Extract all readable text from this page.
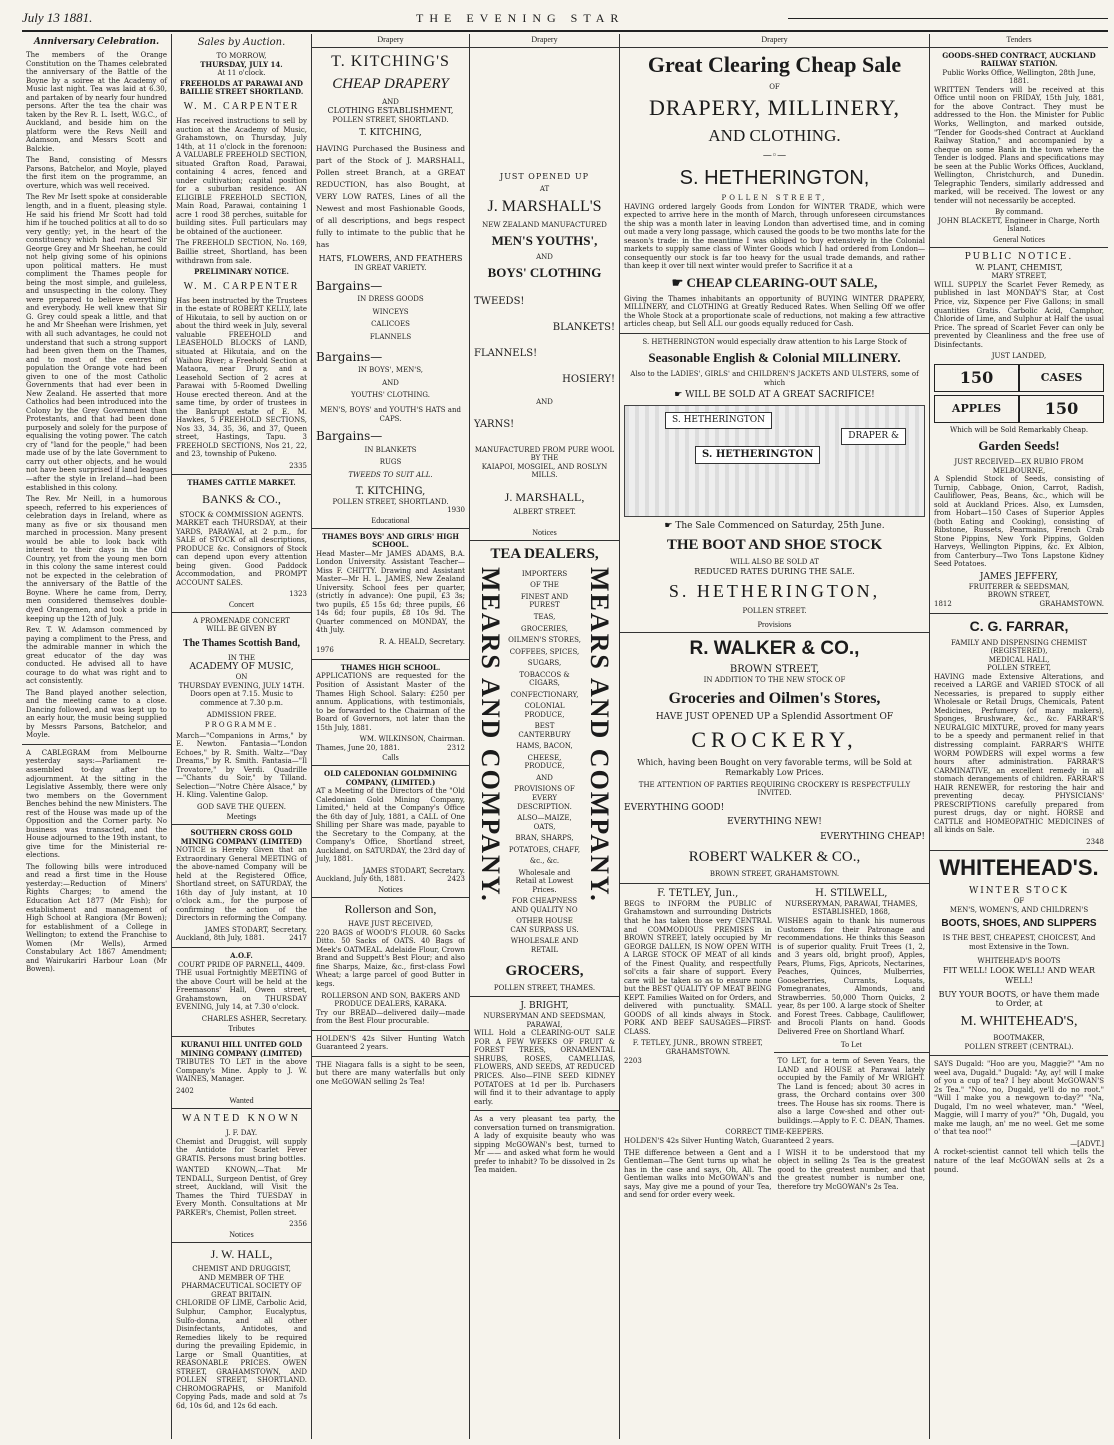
July 13 1881.	THE EVENING STAR
Anniversary Celebration.

The members of the Orange Constitution on the Thames celebrated the anniversary of the Battle of the Boyne by a soiree at the Academy of Music last night. Tea was laid at 6.30, and partaken of by nearly four hundred persons. After the tea the chair was taken by the Rev R. L. Isett, W.G.C., of Auckland, and beside him on the platform were the Revs Neill and Adamson, and Messrs Scott and Balckie.

The Band, consisting of Messrs Parsons, Batchelor, and Moyle, played the first item on the programme, an overture, which was well received.

The Rev Mr Isett spoke at considerable length, and in a fluent, pleasing style. He said his friend Mr Scott had told him if he touched politics at all to do so very gently; yet, in the heart of the constituency which had returned Sir George Grey and Mr Sheehan, he could not help giving some of his opinions upon political matters. He must compliment the Thames people for being the most simple, and guileless, and unsuspecting in the colony. They were prepared to believe everything and everybody. He well knew that Sir G. Grey could speak a little, and that he and Mr Sheehan were Irishmen, yet with all such advantages, he could not understand that such a strong support had been given them on the Thames, and to most of the centres of population the Orange vote had been given to one of the most Catholic Governments that had ever been in New Zealand. He asserted that more Catholics had been introduced into the Colony by the Grey Government than Protestants, and that had been done purposely and solely for the purpose of equalising the voting power. The catch cry of "land for the people," had been made use of by the late Government to carry out other objects, and he would not have been surprised if land leagues—after the style in Ireland—had been established in this colony.

The Rev. Mr Neill, in a humorous speech, referred to his experiences of celebration days in Ireland, where as many as five or six thousand men marched in procession. Many present would be able to look back with interest to their days in the Old Country, yet from the young men born in this colony the same interest could not be expected in the celebration of the anniversary of the Battle of the Boyne. Where he came from, Derry, men considered themselves double-dyed Orangemen, and took a pride in keeping up the 12th of July.

Rev. T. W. Adamson commenced by paying a compliment to the Press, and the admirable manner in which the great educator of the day was conducted. He advised all to have courage to do what was right and to act consistently.

The Band played another selection, and the meeting came to a close. Dancing followed, and was kept up to an early hour, the music being supplied by Messrs Parsons, Batchelor, and Moyle.

A CABLEGRAM from Melbourne yesterday says:—Parliament re-assembled to-day after the adjournment. At the sitting in the Legislative Assembly, there were only two members on the Government Benches behind the new Ministers. The rest of the House was made up of the Opposition and the Corner party. No business was transacted, and the House adjourned to the 19th instant, to give time for the Ministerial re-elections.

The following bills were introduced and read a first time in the House yesterday:—Reduction of Miners' Rights Charges; to amend the Education Act 1877 (Mr Fish); for establishment and management of High School at Rangiora (Mr Bowen); for establishment of a College in Wellington; to extend the Franchise to Women (Mr Wells), Armed Constabulary Act 1867 Amendment; and Wairukariri Harbour Loan (Mr Bowen).

Sales by Auction.
TO MORROW,
THURSDAY, JULY 14.
At 11 o'clock.
FREEHOLDS AT PARAWAI AND BAILLIE STREET SHORTLAND.
W. M. CARPENTER

Has received instructions to sell by auction at the Academy of Music, Grahamstown, on Thursday, July 14th, at 11 o'clock in the forenoon: A VALUABLE FREEHOLD SECTION, situated Grafton Road, Parawai, containing 4 acres, fenced and under cultivation; capital position for a suburban residence. AN ELIGIBLE FREEHOLD SECTION, Main Road, Parawai, containing 1 acre 1 rood 38 perches, suitable for building sites. Full particulars may be obtained of the auctioneer.

The FREEHOLD SECTION, No. 169, Baillie street, Shortland, has been withdrawn from sale.

PRELIMINARY NOTICE.
W. M. CARPENTER

Has been instructed by the Trustees in the estate of ROBERT KELLY, late of Hikutaia, to sell by auction on or about the third week in July, several valuable FREEHOLD and LEASEHOLD BLOCKS of LAND, situated at Hikutaia, and on the Waihou River; a Freehold Section at Mataora, near Drury, and a Leasehold Section of 2 acres at Parawai with 5-Roomed Dwelling House erected thereon. And at the same time, by order of trustees in the Bankrupt estate of E. M. Hawkes, 5 FREEHOLD SECTIONS, Nos 33, 34, 35, 36, and 37, Queen street, Hastings, Tapu. 3 FREEHOLD SECTIONS, Nos 21, 22, and 23, township of Pukeno.

2335
THAMES CATTLE MARKET.
BANKS & CO.,
STOCK & COMMISSION AGENTS.

MARKET each THURSDAY, at their YARDS, PARAWAI, at 2 p.m., for SALE of STOCK of all descriptions, PRODUCE &c. Consignors of Stock can depend upon every attention being given. Good Paddock Accommodation, and PROMPT ACCOUNT SALES.

1323
Concert
A PROMENADE CONCERT
WILL BE GIVEN BY
The Thames Scottish Band,
IN THE
ACADEMY OF MUSIC,
ON
THURSDAY EVENING, JULY 14TH.

Doors open at 7.15. Music to commence at 7.30 p.m.

ADMISSION FREE.
PROGRAMME.

March—"Companions in Arms," by E. Newton. Fantasia—"London Echoes," by R. Smith. Waltz—"Day Dreams," by R. Smith. Fantasia—"Il Trovatore," by Verdi. Quadrille—"Chants du Soir," by Tilland. Selection—"Notre Chère Alsace," by H. Kling. Valentine Galop.

GOD SAVE THE QUEEN.
Meetings
SOUTHERN CROSS GOLD MINING COMPANY (LIMITED)

NOTICE is Hereby Given that an Extraordinary General MEETING of the above-named Company will be held at the Registered Office, Shortland street, on SATURDAY, the 16th day of July instant, at 10 o'clock a.m., for the purpose of confirming the action of the Directors in reforming the Company.

JAMES STODART, Secretary.
Auckland, 8th July, 1881.	2417
A.O.F.
COURT PRIDE OF PARNELL, 4409.

THE usual Fortnightly MEETING of the above Court will be held at the Freemasons' Hall, Owen street, Grahamstown, on THURSDAY EVENING, July 14, at 7.30 o'clock.

CHARLES ASHER, Secretary.
Tributes
KURANUI HILL UNITED GOLD MINING COMPANY (LIMITED)

TRIBUTES TO LET in the above Company's Mine. Apply to J. W. WAINES, Manager.

2402
Wanted
WANTED KNOWN
J. F. DAY.

Chemist and Druggist, will supply the Antidote for Scarlet Fever GRATIS. Persons must bring bottles.

WANTED KNOWN,—That Mr TENDALL, Surgeon Dentist, of Grey street, Auckland, will Visit the Thames the Third TUESDAY in Every Month. Consultations at Mr PARKER's, Chemist, Pollen street.

2356
Notices
J. W. HALL,
CHEMIST AND DRUGGIST,
AND MEMBER OF THE PHARMACEUTICAL SOCIETY OF GREAT BRITAIN.

CHLORIDE OF LIME, Carbolic Acid, Sulphur, Camphor, Eucalyptus, Sulfo-donna, and all other Disinfectants, Antidotes, and Remedies likely to be required during the prevailing Epidemic, in Large or Small Quantities, at REASONABLE PRICES. OWEN STREET, GRAHAMSTOWN, AND POLLEN STREET, SHORTLAND. CHROMOGRAPHS, or Manifold Copying Pads, made and sold at 7s 6d, 10s 6d, and 12s 6d each.

Drapery
T. KITCHING'S
CHEAP DRAPERY
AND
CLOTHING ESTABLISHMENT,
POLLEN STREET, SHORTLAND.
T. KITCHING,

HAVING Purchased the Business and part of the Stock of J. MARSHALL, Pollen street Branch, at a GREAT REDUCTION, has also Bought, at VERY LOW RATES, Lines of all the Newest and most Fashionable Goods, of all descriptions, and begs respect fully to intimate to the public that he has

HATS, FLOWERS, AND FEATHERS
IN GREAT VARIETY.
Bargains—
IN DRESS GOODS
WINCEYS
CALICOES
FLANNELS
Bargains—
IN BOYS', MEN'S,
AND
YOUTHS' CLOTHING.
MEN'S, BOYS' and YOUTH'S HATS and CAPS.
Bargains—
IN BLANKETS
RUGS
TWEEDS TO SUIT ALL.
T. KITCHING,
POLLEN STREET, SHORTLAND.
1930
Educational
THAMES BOYS' AND GIRLS' HIGH SCHOOL.

Head Master—Mr JAMES ADAMS, B.A. London University. Assistant Teacher—Miss F. CHITTY. Drawing and Assistant Master—Mr H. L. JAMES, New Zealand University. School fees per quarter, (strictly in advance): One pupil, £3 3s; two pupils, £5 15s 6d; three pupils, £6 14s 6d; four pupils, £8 10s 9d. The Quarter commenced on MONDAY, the 4th July.

R. A. HEALD, Secretary.
1976
THAMES HIGH SCHOOL.

APPLICATIONS are requested for the Position of Assistant Master of the Thames High School. Salary: £250 per annum. Applications, with testimonials, to be forwarded to the Chairman of the Board of Governors, not later than the 15th July, 1881.

WM. WILKINSON, Chairman.
Thames, June 20, 1881.	2312
Calls
OLD CALEDONIAN GOLDMINING COMPANY, (LIMITED.)

AT a Meeting of the Directors of the "Old Caledonian Gold Mining Company, Limited," held at the Company's Office the 6th day of July, 1881, a CALL of One Shilling per Share was made, payable to the Secretary to the Company, at the Company's Office, Shortland street, Auckland, on SATURDAY, the 23rd day of July, 1881.

JAMES STODART, Secretary.
Auckland, July 6th, 1881.	2423
Notices
Rollerson and Son,
HAVE JUST RECEIVED,

220 BAGS of WOOD'S FLOUR. 60 Sacks Ditto. 50 Sacks of OATS. 40 Bags of Meek's OATMEAL. Adelaide Flour, Crown Brand and Suppett's Best Flour; and also fine Sharps, Maize, &c., first-class Fowl Wheat; a large parcel of good Butter in kegs.

ROLLERSON AND SON, BAKERS AND PRODUCE DEALERS, KARAKA.

Try our BREAD—delivered daily—made from the Best Flour procurable.

HOLDEN'S 42s Silver Hunting Watch Guaranteed 2 years.

THE Niagara falls is a sight to be seen, but there are many waterfalls but only one McGOWAN selling 2s Tea!

Drapery
JUST OPENED UP
AT
J. MARSHALL'S
NEW ZEALAND MANUFACTURED
MEN'S YOUTHS',
AND
BOYS' CLOTHING
TWEEDS!
BLANKETS!
FLANNELS!
HOSIERY!
AND
YARNS!
MANUFACTURED FROM PURE WOOL BY THE
KAIAPOI, MOSGIEL, AND ROSLYN MILLS.
J. MARSHALL,
ALBERT STREET.
Notices
TEA DEALERS,
MEARS AND COMPANY.	IMPORTERS
OF THE
FINEST AND PUREST
TEAS,
GROCERIES,
OILMEN'S STORES,
COFFEES, SPICES,
SUGARS,
TOBACCOS & CIGARS,
CONFECTIONARY,
COLONIAL PRODUCE,
BEST CANTERBURY
HAMS, BACON,
CHEESE, PRODUCE,
AND
PROVISIONS OF EVERY DESCRIPTION.
ALSO—MAIZE, OATS,
BRAN, SHARPS,
POTATOES, CHAFF,
&c., &c.
Wholesale and Retail at Lowest Prices.
FOR CHEAPNESS AND QUALITY NO
OTHER HOUSE CAN SURPASS US.
WHOLESALE AND RETAIL
MEARS AND COMPANY.
GROCERS,
POLLEN STREET, THAMES.
J. BRIGHT,
NURSERYMAN AND SEEDSMAN, PARAWAI,

WILL Hold a CLEARING-OUT SALE FOR A FEW WEEKS OF FRUIT & FOREST TREES, ORNAMENTAL SHRUBS, ROSES, CAMELLIAS, FLOWERS, AND SEEDS, AT REDUCED PRICES. Also—FINE SEED KIDNEY POTATOES at 1d per lb. Purchasers will find it to their advantage to apply early.

As a very pleasant tea party, the conversation turned on transmigration. A lady of exquisite beauty who was sipping McGOWAN's best, turned to Mr —— and asked what form he would prefer to inhabit? To be dissolved in 2s Tea maiden.

Drapery
Great Clearing Cheap Sale
OF
DRAPERY, MILLINERY,
AND CLOTHING.
—◦—
S. HETHERINGTON,
POLLEN STREET,

HAVING ordered largely Goods from London for WINTER TRADE, which were expected to arrive here in the month of March, through unforeseen circumstances the ship was a month later in leaving London than advertised time, and in coming out made a very long passage, which caused the goods to be two months late for the season's trade: in the meantime I was obliged to buy extensively in the Colonial markets to supply same class of Winter Goods which I had ordered from London—consequently our stock is far too heavy for the usual trade demands, and rather than keep it over till next winter would prefer to Sacrifice it at a

☛ CHEAP CLEARING-OUT SALE,

Giving the Thames inhabitants an opportunity of BUYING WINTER DRAPERY, MILLINERY, and CLOTHING at Greatly Reduced Rates. When Selling Off we offer the Whole Stock at a proportionate scale of reductions, not making a few attractive articles cheap, but Sell ALL our goods equally reduced for Cash.

S. HETHERINGTON would especially draw attention to his Large Stock of
Seasonable English & Colonial MILLINERY.
Also to the LADIES', GIRLS' and CHILDREN'S JACKETS AND ULSTERS, some of which
☛ WILL BE SOLD AT A GREAT SACRIFICE!
S. HETHERINGTON
DRAPER &
S. HETHERINGTON
☛ The Sale Commenced on Saturday, 25th June.
THE BOOT AND SHOE STOCK
WILL ALSO BE SOLD AT
REDUCED RATES DURING THE SALE.
S. HETHERINGTON,
POLLEN STREET.
Provisions
R. WALKER & CO.,
BROWN STREET,
IN ADDITION TO THE NEW STOCK OF
Groceries and Oilmen's Stores,
HAVE JUST OPENED UP a Splendid Assortment OF
CROCKERY,
Which, having been Bought on very favorable terms, will be Sold at Remarkably Low Prices.
THE ATTENTION OF PARTIES REQUIRING CROCKERY IS RESPECTFULLY INVITED.
EVERYTHING GOOD!
EVERYTHING NEW!
EVERYTHING CHEAP!
ROBERT WALKER & CO.,
BROWN STREET, GRAHAMSTOWN.
F. TETLEY, Jun.,

BEGS to INFORM the PUBLIC of Grahamstown and surrounding Districts that he has taken those very CENTRAL and COMMODIOUS PREMISES in BROWN STREET, lately occupied by Mr GEORGE DALLEN, IS NOW OPEN WITH A LARGE STOCK OF MEAT of all kinds of the Finest Quality, and respectfully sol'cits a fair share of support. Every care will be taken so as to ensure none but the BEST QUALITY OF MEAT BEING KEPT. Families Waited on for Orders, and delivered with punctuality. SMALL GOODS of all kinds always in Stock. PORK AND BEEF SAUSAGES—FIRST-CLASS.

F. TETLEY, JUNR., BROWN STREET, GRAHAMSTOWN.
2203
H. STILWELL,
NURSERYMAN, PARAWAI, THAMES, ESTABLISHED, 1868,

WISHES again to thank his numerous Customers for their Patronage and recommendations. He thinks this Season is of superior quality. Fruit Trees (1, 2, and 3 years old, bright proof), Apples, Pears, Plums, Figs, Apricots, Nectarines, Peaches, Quinces, Mulberries, Gooseberries, Currants, Loquats, Pomegranates, Almonds, and Strawberries. 50,000 Thorn Quicks, 2 year, 8s per 100. A large stock of Shelter and Forest Trees. Cabbage, Cauliflower, and Brocoli Plants on hand. Goods Delivered Free on Shortland Wharf.

To Let

TO LET, for a term of Seven Years, the LAND and HOUSE at Parawai lately occupied by the Family of Mr WRIGHT. The Land is fenced; about 30 acres in grass, the Orchard contains over 300 trees. The House has six rooms. There is also a large Cow-shed and other out-buildings.—Apply to F. C. DEAN, Thames.

CORRECT TIME-KEEPERS.

HOLDEN'S 42s Silver Hunting Watch, Guaranteed 2 years.

THE difference between a Gent and a Gentleman—The Gent turns up what he has in the case and says, Oh, All. The Gentleman walks into McGOWAN's and says, May give me a pound of your Tea, and send for order every week.

I WISH it to be understood that my object in selling 2s Tea is the greatest good to the greatest number, and that the greatest number is number one, therefore try McGOWAN's 2s Tea.

Tenders
GOODS-SHED CONTRACT, AUCKLAND RAILWAY STATION.
Public Works Office, Wellington, 28th June, 1881.

WRITTEN Tenders will be received at this Office until noon on FRIDAY, 15th July, 1881, for the above Contract. They must be addressed to the Hon. the Minister for Public Works, Wellington, and marked outside, "Tender for Goods-shed Contract at Auckland Railway Station," and accompanied by a cheque on some Bank in the town where the Tender is lodged. Plans and specifications may be seen at the Public Works Offices, Auckland, Wellington, Christchurch, and Dunedin. Telegraphic Tenders, similarly addressed and marked, will be received. The lowest or any tender will not necessarily be accepted.

By command.
JOHN BLACKETT, Engineer in Charge, North Island.
General Notices
PUBLIC NOTICE.
W. PLANT, CHEMIST,
MARY STREET,

WILL SUPPLY the Scarlet Fever Remedy, as published in last MONDAY'S Star, at Cost Price, viz, Sixpence per Five Gallons; in small quantities Gratis. Carbolic Acid, Camphor, Chloride of Lime, and Sulphur at Half the usual Price. The spread of Scarlet Fever can only be prevented by Cleanliness and the free use of Disinfectants.

JUST LANDED,
150	CASES
APPLES	150
Which will be Sold Remarkably Cheap.
Garden Seeds!
JUST RECEIVED—EX RUBIO FROM MELBOURNE,

A Splendid Stock of Seeds, consisting of Turnip, Cabbage, Onion, Carrot, Radish, Cauliflower, Peas, Beans, &c., which will be sold at Auckland Prices. Also, ex Lumsden, from Hobart—150 Cases of Superior Apples (both Eating and Cooking), consisting of Ribstone, Russets, Pearmains, French Crab Stone Pippins, New York Pippins, Golden Harveys, Wellington Pippins, &c. Ex Albion, from Canterbury—Two Tons Lapstone Kidney Seed Potatoes.

JAMES JEFFERY,
FRUITERER & SEEDSMAN,
BROWN STREET,
1812	GRAHAMSTOWN.
C. G. FARRAR,
FAMILY AND DISPENSING CHEMIST (REGISTERED),
MEDICAL HALL,
POLLEN STREET,

HAVING made Extensive Alterations, and received a LARGE and VARIED STOCK of all Necessaries, is prepared to supply either Wholesale or Retail Drugs, Chemicals, Patent Medicines, Perfumery (of many makers), Sponges, Brushware, &c., &c. FARRAR'S NEURALGIC MIXTURE, proved for many years to be a speedy and permanent relief in that distressing complaint. FARRAR'S WHITE WORM POWDERS will expel worms a few hours after administration. FARRAR'S CARMINATIVE, an excellent remedy in all stomach derangements of children. FARRAR'S HAIR RENEWER, for restoring the hair and preventing decay. PHYSICIANS' PRESCRIPTIONS carefully prepared from purest drugs, day or night. HORSE and CATTLE and HOMEOPATHIC MEDICINES of all kinds on Sale.

2348
WHITEHEAD'S.
WINTER STOCK
OF
MEN'S, WOMEN'S, AND CHILDREN'S
BOOTS, SHOES, AND SLIPPERS
IS THE BEST, CHEAPEST, CHOICEST, And most Extensive in the Town.
WHITEHEAD'S BOOTS
FIT WELL! LOOK WELL! AND WEAR WELL!
BUY YOUR BOOTS, or have them made to Order, at
M. WHITEHEAD'S,
BOOTMAKER,
POLLEN STREET (CENTRAL).

SAYS Dugald: "Hoo are you, Maggie?" "Am no weel ava, Dugald." Dugald: "Ay, ay! will I make of you a cup of tea? I hey about McGOWAN'S 2s Tea." "Noo, no, Dugald, ye'll do no root." "Will I make you a newgown to-day?" "Na, Dugald, I'm no weel whatever, man." "Weel, Maggie, will I marry of you?" "Oh, Dugald, you make me laugh, an' me no weel. Get me some o' that tea noo!"

—[ADVT.]

A rocket-scientist cannot tell which tells the nature of the leaf McGOWAN sells at 2s a pound.
